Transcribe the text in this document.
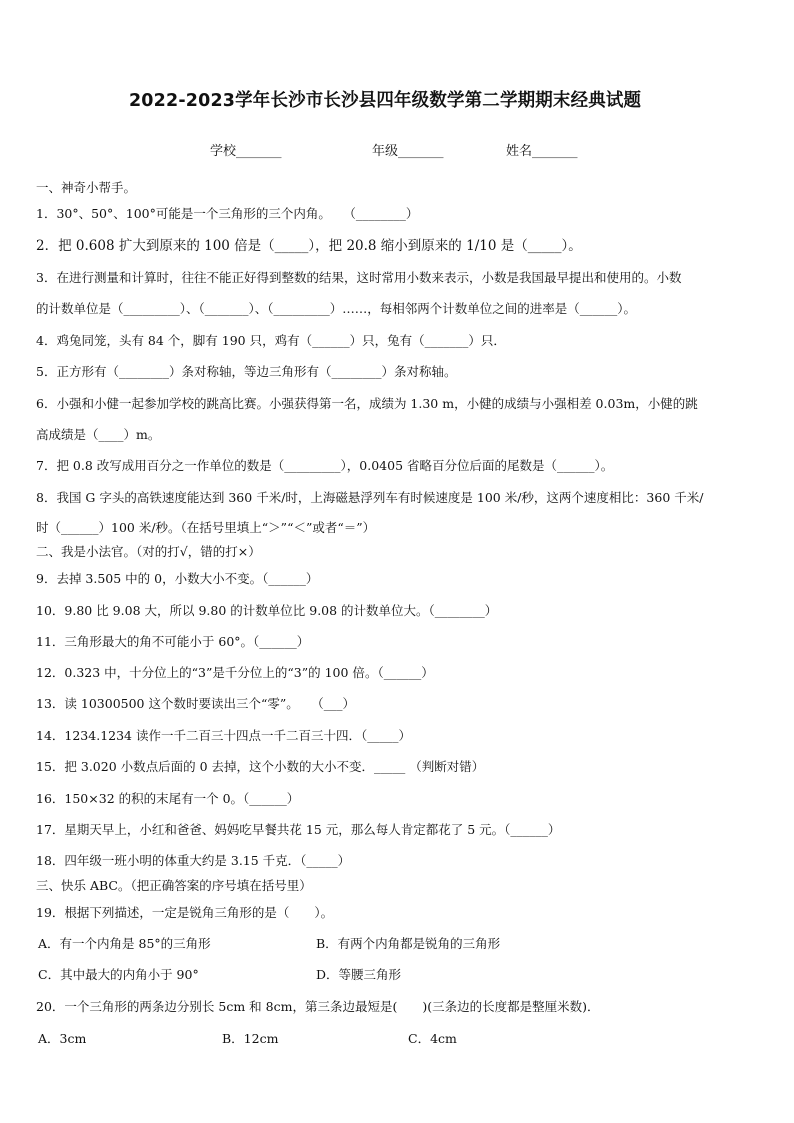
2022-2023学年长沙市长沙县四年级数学第二学期期末经典试题
学校_______	年级_______	姓名_______
一、神奇小帮手。
1．30°、50°、100°可能是一个三角形的三个内角。　　（________）
2．把 0.608 扩大到原来的 100 倍是（_____），把 20.8 缩小到原来的 1/10 是（_____）。
3．在进行测量和计算时，往往不能正好得到整数的结果，这时常用小数来表示，小数是我国最早提出和使用的。小数
的计数单位是（_________）、（_______）、（_________）……，每相邻两个计数单位之间的进率是（______）。
4．鸡兔同笼，头有 84 个，脚有 190 只，鸡有（______）只，兔有（_______）只．
5．正方形有（________）条对称轴，等边三角形有（________）条对称轴。
6．小强和小健一起参加学校的跳高比赛。小强获得第一名，成绩为 1.30 m，小健的成绩与小强相差 0.03m，小健的跳
高成绩是（____）m。
7．把 0.8 改写成用百分之一作单位的数是（_________），0.0405 省略百分位后面的尾数是（______）。
8．我国 G 字头的高铁速度能达到 360 千米/时，上海磁悬浮列车有时候速度是 100 米/秒，这两个速度相比：360 千米/
时（______）100 米/秒。（在括号里填上“＞”“＜”或者“＝”）
二、我是小法官。（对的打√，错的打×）
9．去掉 3.505 中的 0，小数大小不变。（______）
10．9.80 比 9.08 大，所以 9.80 的计数单位比 9.08 的计数单位大。（________）
11．三角形最大的角不可能小于 60°。（______）
12．0.323 中，十分位上的“3”是千分位上的“3”的 100 倍。（______）
13．读 10300500 这个数时要读出三个“零”。　　（___）
14．1234.1234 读作一千二百三十四点一千二百三十四．（_____）
15．把 3.020 小数点后面的 0 去掉，这个小数的大小不变．_____ （判断对错）
16．150×32 的积的末尾有一个 0。（______）
17．星期天早上，小红和爸爸、妈妈吃早餐共花 15 元，那么每人肯定都花了 5 元。（______）
18．四年级一班小明的体重大约是 3.15 千克．（_____）
三、快乐 ABC。（把正确答案的序号填在括号里）
19．根据下列描述，一定是锐角三角形的是（　　）。
A．有一个内角是 85°的三角形	B．有两个内角都是锐角的三角形
C．其中最大的内角小于 90°	D．等腰三角形
20．一个三角形的两条边分别长 5cm 和 8cm，第三条边最短是(　　)(三条边的长度都是整厘米数)．
A．3cm	B．12cm	C．4cm
